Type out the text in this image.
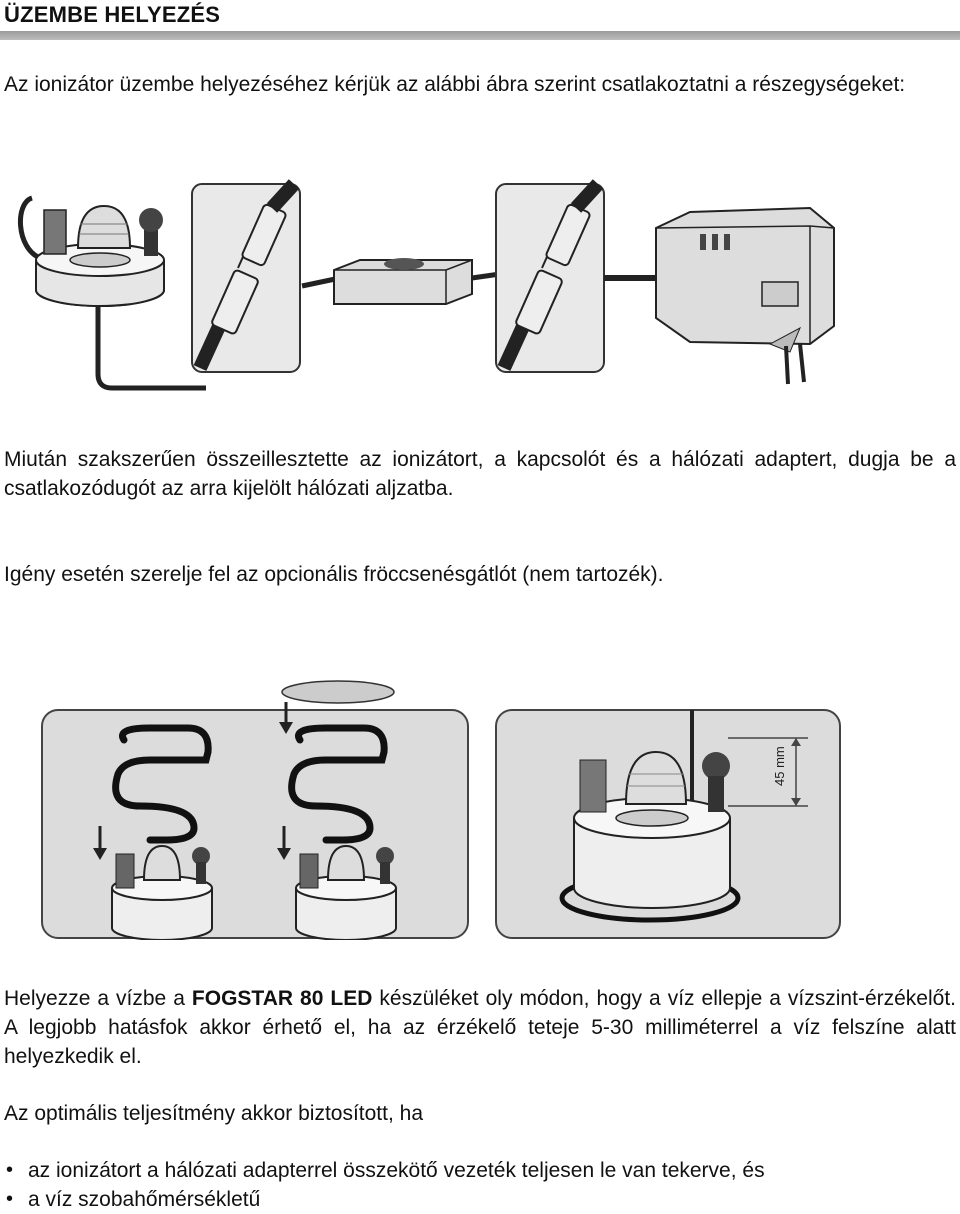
ÜZEMBE HELYEZÉS
Az ionizátor üzembe helyezéséhez kérjük az alábbi ábra szerint csatlakoztatni a részegységeket:
Miután szakszerűen összeillesztette az ionizátort, a kapcsolót és a hálózati adaptert, dugja be a csatlakozódugót az arra kijelölt hálózati aljzatba.
Igény esetén szerelje fel az opcionális fröccsenésgátlót (nem tartozék).
45 mm
Helyezze a vízbe a FOGSTAR 80 LED készüléket oly módon, hogy a víz ellepje a vízszint-érzékelőt. A legjobb hatásfok akkor érhető el, ha az érzékelő teteje 5-30 milliméterrel a víz felszíne alatt helyezkedik el.
Az optimális teljesítmény akkor biztosított, ha
• az ionizátort a hálózati adapterrel összekötő vezeték teljesen le van tekerve, és
• a víz szobahőmérsékletű
